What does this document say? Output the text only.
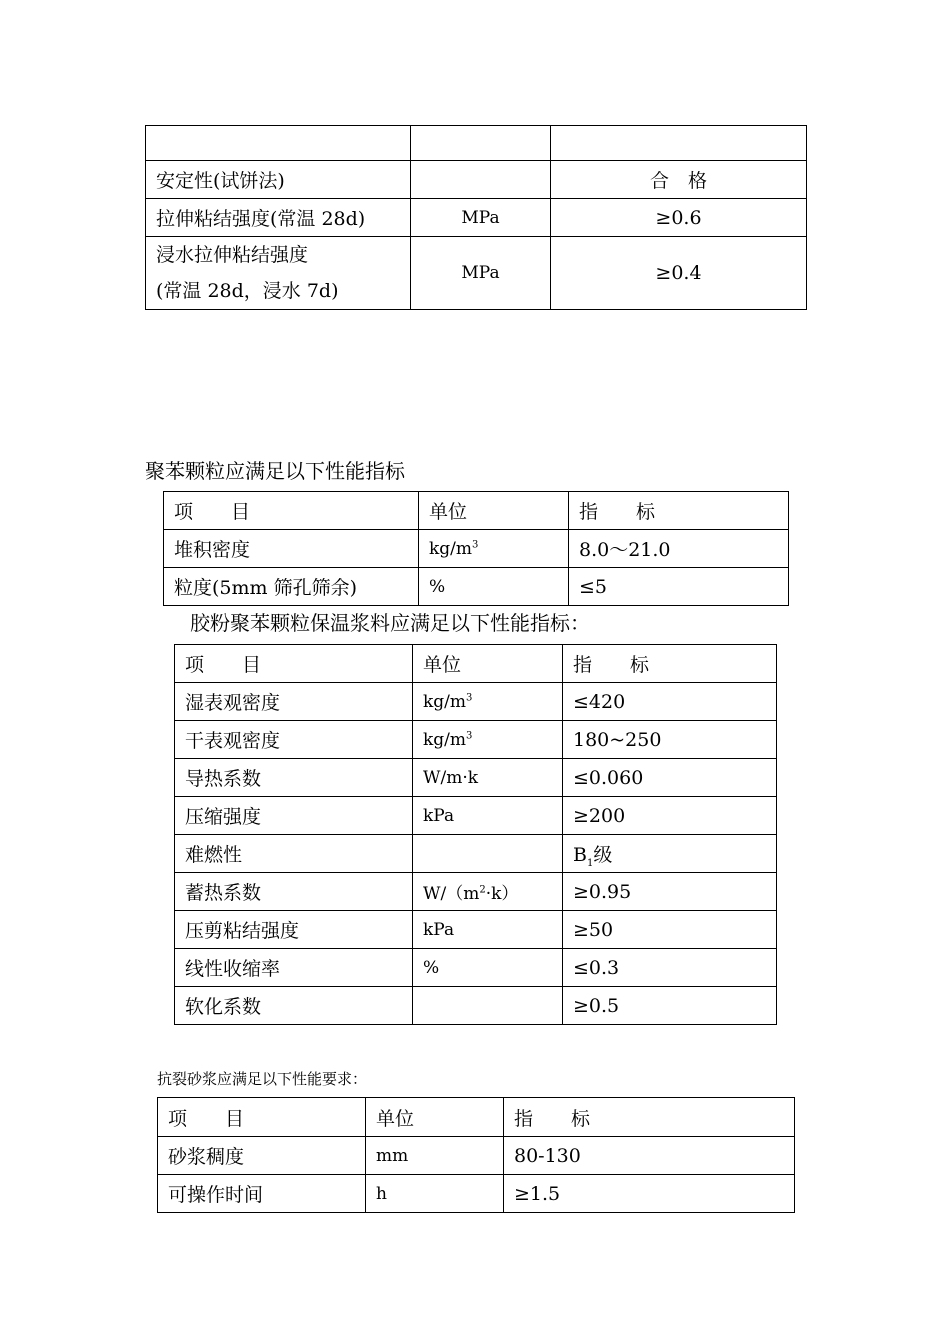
安定性(试饼法)		合　格
拉伸粘结强度(常温 28d)	MPa	≥0.6
浸水拉伸粘结强度
(常温 28d，浸水 7d)	MPa	≥0.4

聚苯颗粒应满足以下性能指标

项　　目	单位	指　　标
堆积密度	$kg/m^3$	8.0～21.0
粒度(5mm 筛孔筛余)	%	≤5

胶粉聚苯颗粒保温浆料应满足以下性能指标：

项　　目	单位	指　　标
湿表观密度	$kg/m^3$	≤420
干表观密度	$kg/m^3$	180~250
导热系数	W/m·k	≤0.060
压缩强度	kPa	≥200
难燃性		$B_1$级
蓄热系数	$W/(m^2\cdot k)$	≥0.95
压剪粘结强度	kPa	≥50
线性收缩率	%	≤0.3
软化系数		≥0.5

抗裂砂浆应满足以下性能要求：

项　　目	单位	指　　标
砂浆稠度	mm	80-130
可操作时间	h	≥1.5
